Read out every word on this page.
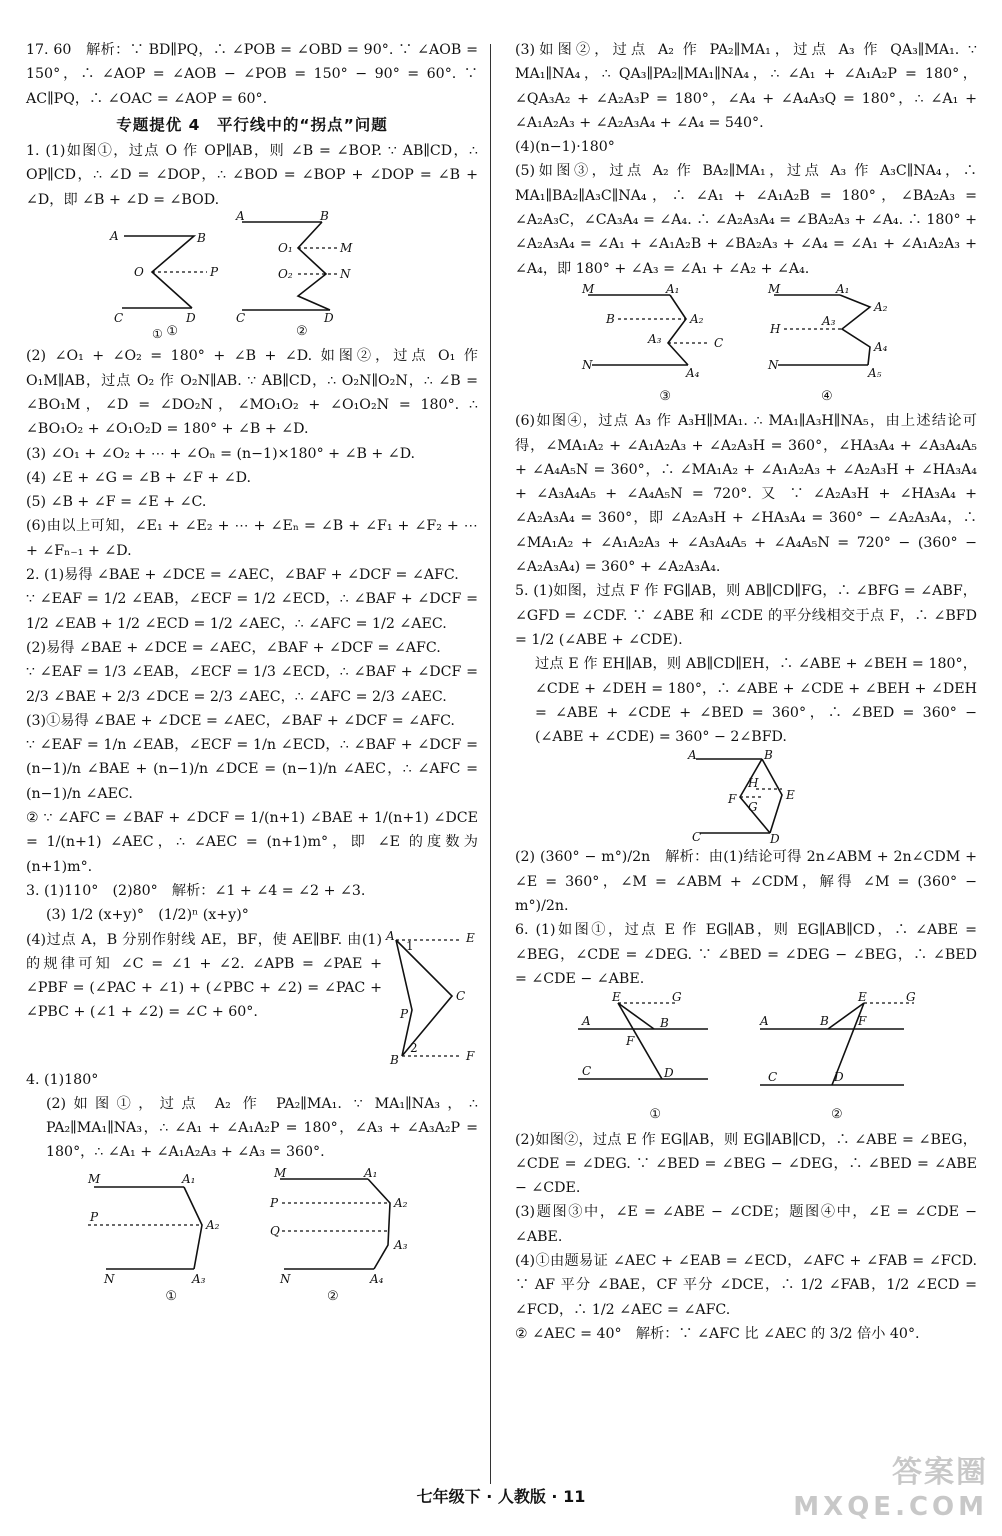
17. 60　解析：∵ BD∥PQ，∴ ∠POB = ∠OBD = 90°. ∵ ∠AOB = 150°，∴ ∠AOP = ∠AOB − ∠POB = 150° − 90° = 60°. ∵ AC∥PQ，∴ ∠OAC = ∠AOP = 60°.

专题提优 4　平行线中的“拐点”问题

1. (1)如图①，过点 O 作 OP∥AB，则 ∠B = ∠BOP. ∵ AB∥CD，∴ OP∥CD，∴ ∠D = ∠DOP，∴ ∠BOD = ∠BOP + ∠DOP = ∠B + ∠D，即 ∠B + ∠D = ∠BOD.

A	B
O	P
C	D
①
A	B
O₁	M
O₂	N
C	D
①	②

(2) ∠O₁ + ∠O₂ = 180° + ∠B + ∠D. 如图②，过点 O₁ 作 O₁M∥AB，过点 O₂ 作 O₂N∥AB. ∵ AB∥CD，∴ O₂N∥O₂N，∴ ∠B = ∠BO₁M，∠D = ∠DO₂N，∠MO₁O₂ + ∠O₁O₂N = 180°. ∴ ∠BO₁O₂ + ∠O₁O₂D = 180° + ∠B + ∠D.

(3) ∠O₁ + ∠O₂ + ⋯ + ∠Oₙ = (n−1)×180° + ∠B + ∠D.

(4) ∠E + ∠G = ∠B + ∠F + ∠D.

(5) ∠B + ∠F = ∠E + ∠C.

(6)由以上可知，∠E₁ + ∠E₂ + ⋯ + ∠Eₙ = ∠B + ∠F₁ + ∠F₂ + ⋯ + ∠Fₙ₋₁ + ∠D.

2. (1)易得 ∠BAE + ∠DCE = ∠AEC，∠BAF + ∠DCF = ∠AFC.

∵ ∠EAF = 1/2 ∠EAB，∠ECF = 1/2 ∠ECD，∴ ∠BAF + ∠DCF = 1/2 ∠EAB + 1/2 ∠ECD = 1/2 ∠AEC，∴ ∠AFC = 1/2 ∠AEC.

(2)易得 ∠BAE + ∠DCE = ∠AEC，∠BAF + ∠DCF = ∠AFC.

∵ ∠EAF = 1/3 ∠EAB，∠ECF = 1/3 ∠ECD，∴ ∠BAF + ∠DCF = 2/3 ∠BAE + 2/3 ∠DCE = 2/3 ∠AEC，∴ ∠AFC = 2/3 ∠AEC.

(3)①易得 ∠BAE + ∠DCE = ∠AEC，∠BAF + ∠DCF = ∠AFC.

∵ ∠EAF = 1/n ∠EAB，∠ECF = 1/n ∠ECD，∴ ∠BAF + ∠DCF = (n−1)/n ∠BAE + (n−1)/n ∠DCE = (n−1)/n ∠AEC，∴ ∠AFC = (n−1)/n ∠AEC.

② ∵ ∠AFC = ∠BAF + ∠DCF = 1/(n+1) ∠BAE + 1/(n+1) ∠DCE = 1/(n+1) ∠AEC，∴ ∠AEC = (n+1)m°，即 ∠E 的度数为 (n+1)m°.

3. (1)110°　(2)80°　解析：∠1 + ∠4 = ∠2 + ∠3.

(3) 1/2 (x+y)°　(1/2)ⁿ (x+y)°

(4)过点 A，B 分别作射线 AE，BF，使 AE∥BF. 由(1)的规律可知 ∠C = ∠1 + ∠2. ∠APB = ∠PAE + ∠PBF = (∠PAC + ∠1) + (∠PBC + ∠2) = ∠PAC + ∠PBC + (∠1 + ∠2) = ∠C + 60°.

A	E
P
C
B	F
1
2

4. (1)180°

(2)如图①，过点 A₂ 作 PA₂∥MA₁. ∵ MA₁∥NA₃，∴ PA₂∥MA₁∥NA₃，∴ ∠A₁ + ∠A₁A₂P = 180°，∠A₃ + ∠A₃A₂P = 180°，∴ ∠A₁ + ∠A₁A₂A₃ + ∠A₃ = 360°.

M	A₁
P
A₂
N	A₃
M	A₁
P	A₂
Q
A₃
N	A₄
①	②

(3)如图②，过点 A₂ 作 PA₂∥MA₁，过点 A₃ 作 QA₃∥MA₁. ∵ MA₁∥NA₄，∴ QA₃∥PA₂∥MA₁∥NA₄，∴ ∠A₁ + ∠A₁A₂P = 180°，∠QA₃A₂ + ∠A₂A₃P = 180°，∠A₄ + ∠A₄A₃Q = 180°，∴ ∠A₁ + ∠A₁A₂A₃ + ∠A₂A₃A₄ + ∠A₄ = 540°.

(4)(n−1)·180°

(5)如图③，过点 A₂ 作 BA₂∥MA₁，过点 A₃ 作 A₃C∥NA₄，∴ MA₁∥BA₂∥A₃C∥NA₄，∴ ∠A₁ + ∠A₁A₂B = 180°，∠BA₂A₃ = ∠A₂A₃C，∠CA₃A₄ = ∠A₄. ∴ ∠A₂A₃A₄ = ∠BA₂A₃ + ∠A₄. ∴ 180° + ∠A₂A₃A₄ = ∠A₁ + ∠A₁A₂B + ∠BA₂A₃ + ∠A₄ = ∠A₁ + ∠A₁A₂A₃ + ∠A₄，即 180° + ∠A₃ = ∠A₁ + ∠A₂ + ∠A₄.

M	A₁
B	A₂
A₃	C
N
A₄
M	A₁
A₂
H
A₃
A₄
N
A₅
③	④

(6)如图④，过点 A₃ 作 A₃H∥MA₁. ∴ MA₁∥A₃H∥NA₅，由上述结论可得，∠MA₁A₂ + ∠A₁A₂A₃ + ∠A₂A₃H = 360°，∠HA₃A₄ + ∠A₃A₄A₅ + ∠A₄A₅N = 360°，∴ ∠MA₁A₂ + ∠A₁A₂A₃ + ∠A₂A₃H + ∠HA₃A₄ + ∠A₃A₄A₅ + ∠A₄A₅N = 720°. 又 ∵ ∠A₂A₃H + ∠HA₃A₄ + ∠A₂A₃A₄ = 360°，即 ∠A₂A₃H + ∠HA₃A₄ = 360° − ∠A₂A₃A₄，∴ ∠MA₁A₂ + ∠A₁A₂A₃ + ∠A₃A₄A₅ + ∠A₄A₅N = 720° − (360° − ∠A₂A₃A₄) = 360° + ∠A₂A₃A₄.

5. (1)如图，过点 F 作 FG∥AB，则 AB∥CD∥FG，∴ ∠BFG = ∠ABF，∠GFD = ∠CDF. ∵ ∠ABE 和 ∠CDE 的平分线相交于点 F，∴ ∠BFD = 1/2 (∠ABE + ∠CDE).

过点 E 作 EH∥AB，则 AB∥CD∥EH，∴ ∠ABE + ∠BEH = 180°，∠CDE + ∠DEH = 180°，∴ ∠ABE + ∠CDE + ∠BEH + ∠DEH = ∠ABE + ∠CDE + ∠BED = 360°，∴ ∠BED = 360° − (∠ABE + ∠CDE) = 360° − 2∠BFD.

A	B
F
G
H
E
C	D

(2) (360° − m°)/2n　解析：由(1)结论可得 2n∠ABM + 2n∠CDM + ∠E = 360°，∠M = ∠ABM + ∠CDM，解得 ∠M = (360° − m°)/2n.

6. (1)如图①，过点 E 作 EG∥AB，则 EG∥AB∥CD，∴ ∠ABE = ∠BEG，∠CDE = ∠DEG. ∵ ∠BED = ∠DEG − ∠BEG，∴ ∠BED = ∠CDE − ∠ABE.

E	G
A	B
F
C	D
E	G
A	B F
C	D
①	②

(2)如图②，过点 E 作 EG∥AB，则 EG∥AB∥CD，∴ ∠ABE = ∠BEG，∠CDE = ∠DEG. ∵ ∠BED = ∠BEG − ∠DEG，∴ ∠BED = ∠ABE − ∠CDE.

(3)题图③中，∠E = ∠ABE − ∠CDE；题图④中，∠E = ∠CDE − ∠ABE.

(4)①由题易证 ∠AEC + ∠EAB = ∠ECD，∠AFC + ∠FAB = ∠FCD. ∵ AF 平分 ∠BAE，CF 平分 ∠DCE，∴ 1/2 ∠FAB，1/2 ∠ECD = ∠FCD，∴ 1/2 ∠AEC = ∠AFC.

② ∠AEC = 40°　解析：∵ ∠AFC 比 ∠AEC 的 3/2 倍小 40°.

七年级下 · 人教版 · 11
答案圈
MXQE.COM
